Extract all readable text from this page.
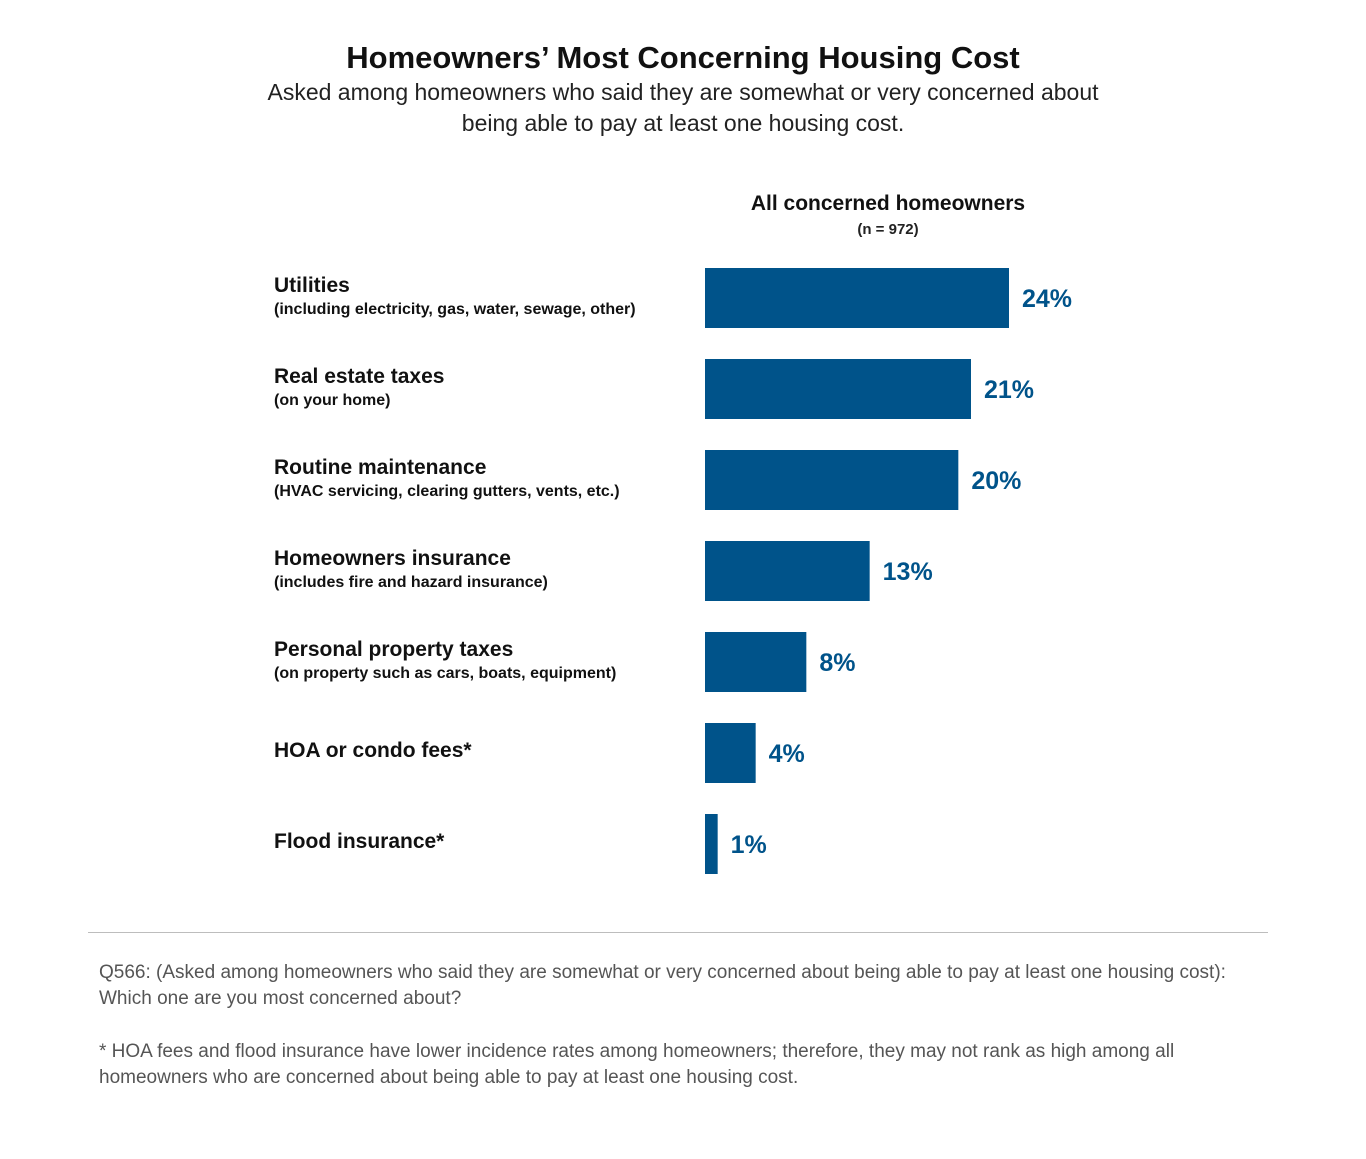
Homeowners’ Most Concerning Housing Cost
Asked among homeowners who said they are somewhat or very concerned about
being able to pay at least one housing cost.
All concerned homeowners
(n = 972)
Utilities
(including electricity, gas, water, sewage, other)
Real estate taxes
(on your home)
Routine maintenance
(HVAC servicing, clearing gutters, vents, etc.)
Homeowners insurance
(includes fire and hazard insurance)
Personal property taxes
(on property such as cars, boats, equipment)
HOA or condo fees*
Flood insurance*
24%
21%
20%
13%
8%
4%
1%
Q566: (Asked among homeowners who said they are somewhat or very concerned about being able to pay at least one housing cost): Which one are you most concerned about?
* HOA fees and flood insurance have lower incidence rates among homeowners; therefore, they may not rank as high among all homeowners who are concerned about being able to pay at least one housing cost.
